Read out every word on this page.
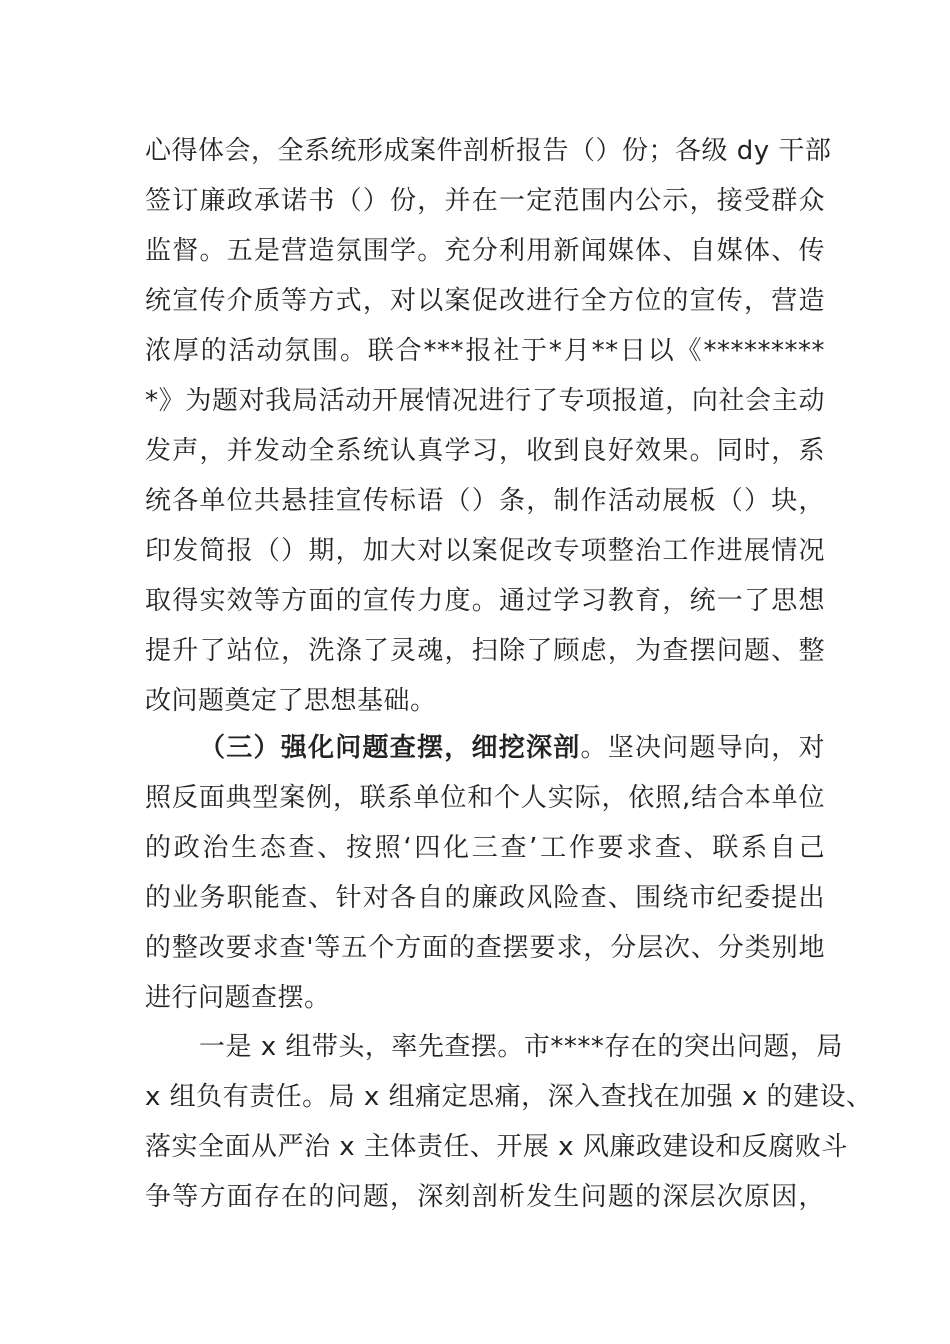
心得体会，全系统形成案件剖析报告（）份；各级 dy 干部
签订廉政承诺书（）份，并在一定范围内公示，接受群众
监督。五是营造氛围学。充分利用新闻媒体、自媒体、传
统宣传介质等方式，对以案促改进行全方位的宣传，营造
浓厚的活动氛围。联合***报社于*月**日以《*********
*》为题对我局活动开展情况进行了专项报道，向社会主动
发声，并发动全系统认真学习，收到良好效果。同时，系
统各单位共悬挂宣传标语（）条，制作活动展板（）块，
印发简报（）期，加大对以案促改专项整治工作进展情况
取得实效等方面的宣传力度。通过学习教育，统一了思想
提升了站位，洗涤了灵魂，扫除了顾虑，为查摆问题、整
改问题奠定了思想基础。
（三）强化问题查摆，细挖深剖。坚决问题导向，对
照反面典型案例，联系单位和个人实际，依照,结合本单位
的政治生态查、按照‘四化三查’工作要求查、联系自己
的业务职能查、针对各自的廉政风险查、围绕市纪委提出
的整改要求查'等五个方面的查摆要求，分层次、分类别地
进行问题查摆。
一是 x 组带头，率先查摆。市****存在的突出问题，局
x 组负有责任。局 x 组痛定思痛，深入查找在加强 x 的建设、
落实全面从严治 x 主体责任、开展 x 风廉政建设和反腐败斗
争等方面存在的问题，深刻剖析发生问题的深层次原因，
